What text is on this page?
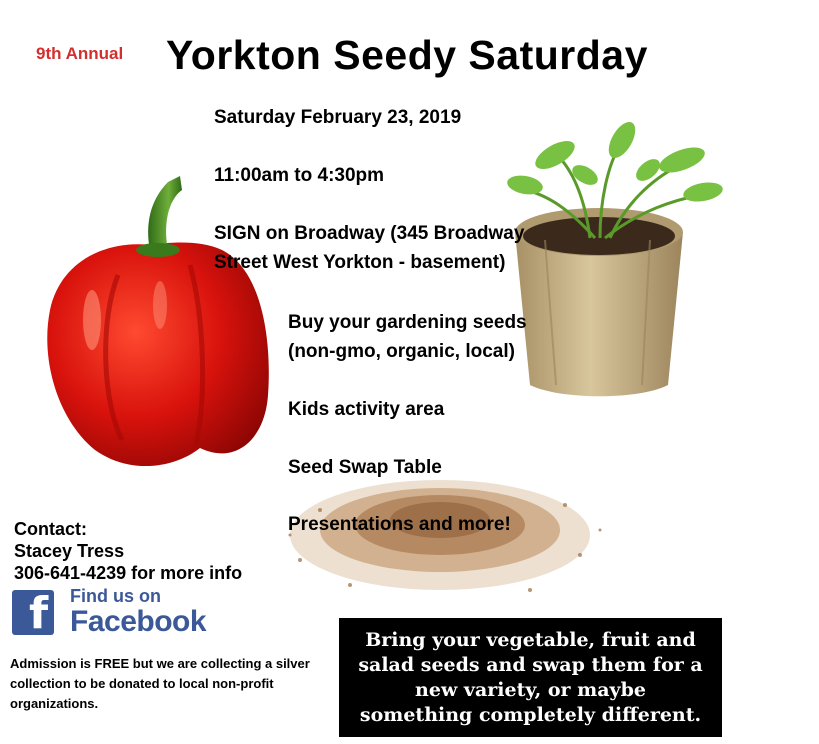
9th Annual Yorkton Seedy Saturday
Saturday February 23, 2019
11:00am to 4:30pm
SIGN on Broadway (345 Broadway
Street West Yorkton - basement)
Buy your gardening seeds
(non-gmo, organic, local)
Kids activity area
Seed Swap Table
Presentations and more!
Contact:
Stacey Tress
306-641-4239 for more info
f Find us on
Facebook
Admission is FREE but we are collecting a silver collection to be donated to local non-profit organizations.
Bring your vegetable, fruit and
salad seeds and swap them for a
new variety, or maybe
something completely different.
